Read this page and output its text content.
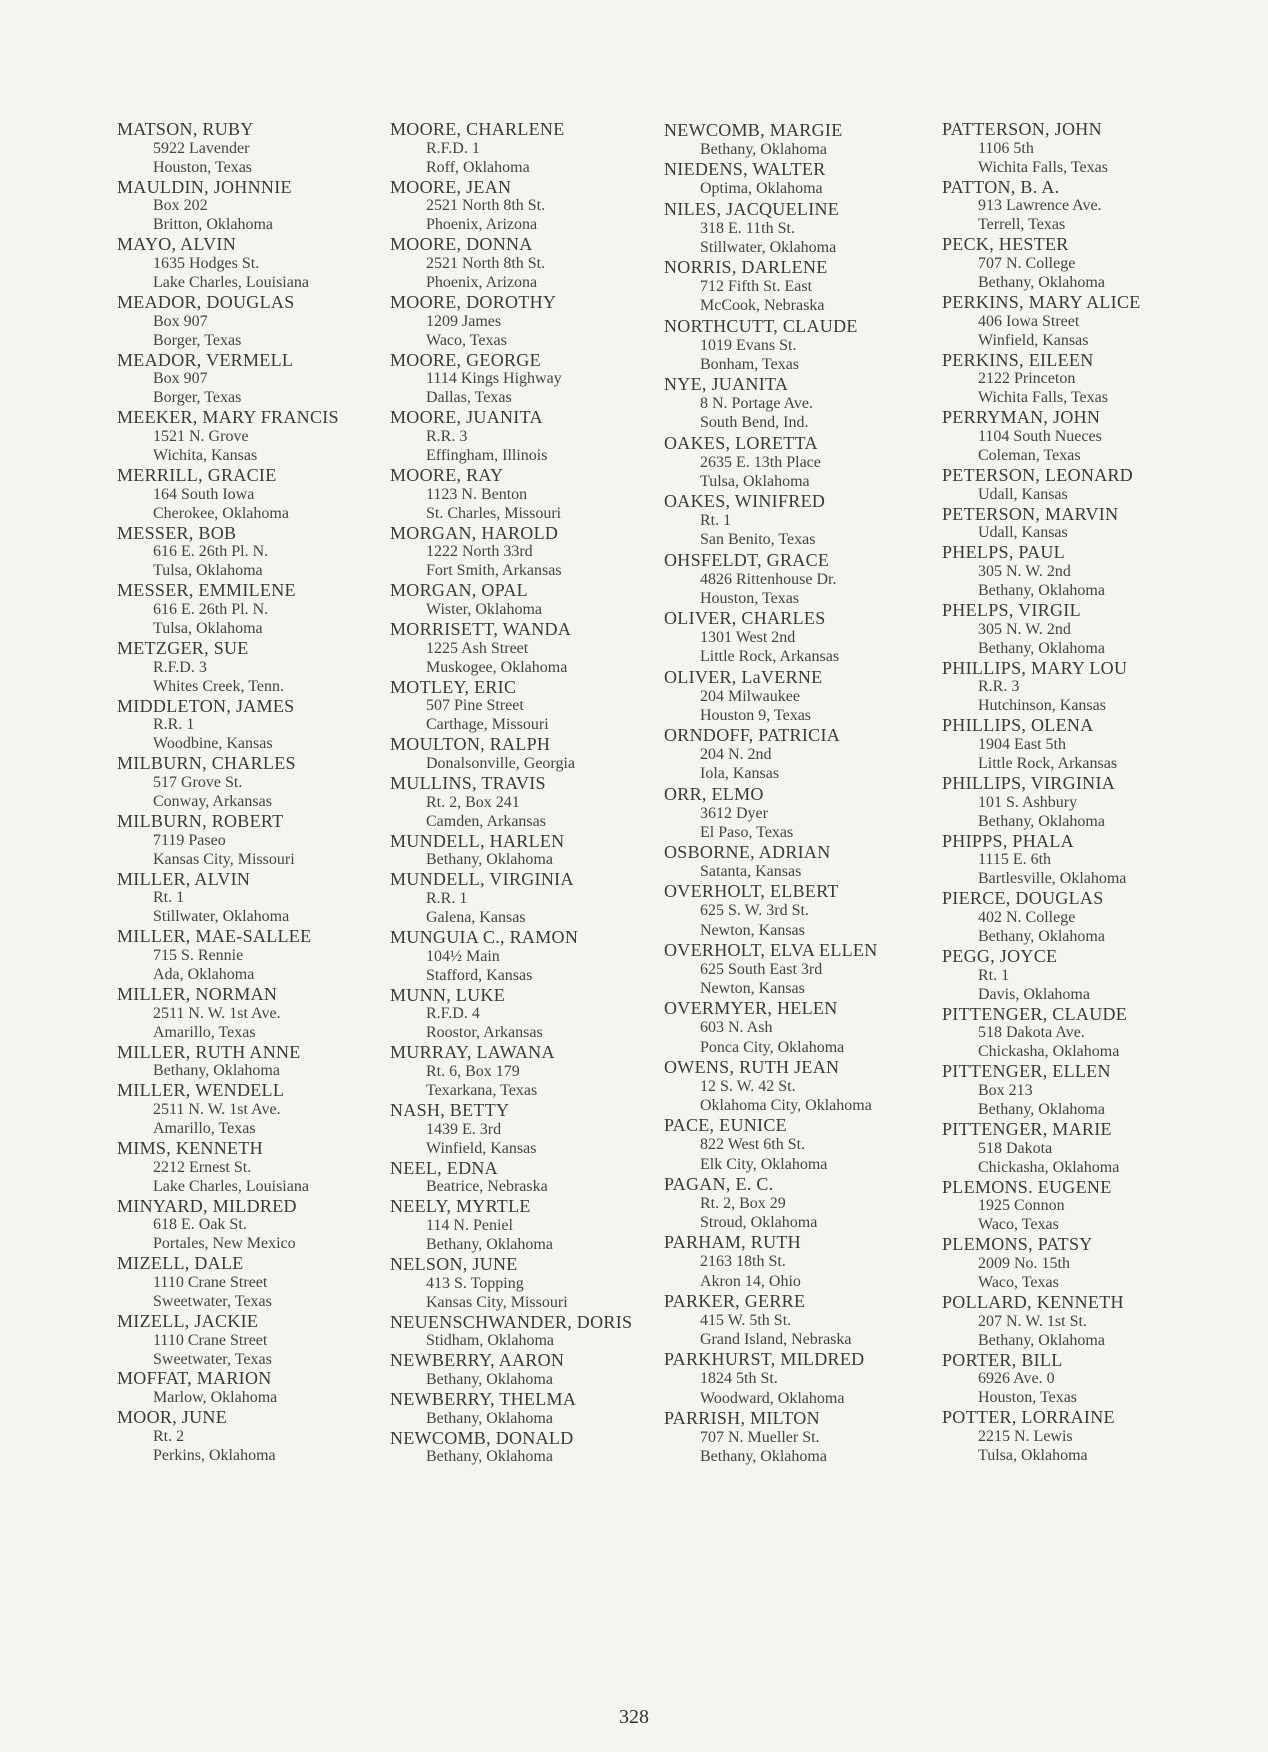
MATSON, RUBY
5922 Lavender
Houston, Texas
MAULDIN, JOHNNIE
Box 202
Britton, Oklahoma
MAYO, ALVIN
1635 Hodges St.
Lake Charles, Louisiana
MEADOR, DOUGLAS
Box 907
Borger, Texas
MEADOR, VERMELL
Box 907
Borger, Texas
MEEKER, MARY FRANCIS
1521 N. Grove
Wichita, Kansas
MERRILL, GRACIE
164 South Iowa
Cherokee, Oklahoma
MESSER, BOB
616 E. 26th Pl. N.
Tulsa, Oklahoma
MESSER, EMMILENE
616 E. 26th Pl. N.
Tulsa, Oklahoma
METZGER, SUE
R.F.D. 3
Whites Creek, Tenn.
MIDDLETON, JAMES
R.R. 1
Woodbine, Kansas
MILBURN, CHARLES
517 Grove St.
Conway, Arkansas
MILBURN, ROBERT
7119 Paseo
Kansas City, Missouri
MILLER, ALVIN
Rt. 1
Stillwater, Oklahoma
MILLER, MAE-SALLEE
715 S. Rennie
Ada, Oklahoma
MILLER, NORMAN
2511 N. W. 1st Ave.
Amarillo, Texas
MILLER, RUTH ANNE
Bethany, Oklahoma
MILLER, WENDELL
2511 N. W. 1st Ave.
Amarillo, Texas
MIMS, KENNETH
2212 Ernest St.
Lake Charles, Louisiana
MINYARD, MILDRED
618 E. Oak St.
Portales, New Mexico
MIZELL, DALE
1110 Crane Street
Sweetwater, Texas
MIZELL, JACKIE
1110 Crane Street
Sweetwater, Texas
MOFFAT, MARION
Marlow, Oklahoma
MOOR, JUNE
Rt. 2
Perkins, Oklahoma
MOORE, CHARLENE
R.F.D. 1
Roff, Oklahoma
MOORE, JEAN
2521 North 8th St.
Phoenix, Arizona
MOORE, DONNA
2521 North 8th St.
Phoenix, Arizona
MOORE, DOROTHY
1209 James
Waco, Texas
MOORE, GEORGE
1114 Kings Highway
Dallas, Texas
MOORE, JUANITA
R.R. 3
Effingham, Illinois
MOORE, RAY
1123 N. Benton
St. Charles, Missouri
MORGAN, HAROLD
1222 North 33rd
Fort Smith, Arkansas
MORGAN, OPAL
Wister, Oklahoma
MORRISETT, WANDA
1225 Ash Street
Muskogee, Oklahoma
MOTLEY, ERIC
507 Pine Street
Carthage, Missouri
MOULTON, RALPH
Donalsonville, Georgia
MULLINS, TRAVIS
Rt. 2, Box 241
Camden, Arkansas
MUNDELL, HARLEN
Bethany, Oklahoma
MUNDELL, VIRGINIA
R.R. 1
Galena, Kansas
MUNGUIA C., RAMON
104½ Main
Stafford, Kansas
MUNN, LUKE
R.F.D. 4
Roostor, Arkansas
MURRAY, LAWANA
Rt. 6, Box 179
Texarkana, Texas
NASH, BETTY
1439 E. 3rd
Winfield, Kansas
NEEL, EDNA
Beatrice, Nebraska
NEELY, MYRTLE
114 N. Peniel
Bethany, Oklahoma
NELSON, JUNE
413 S. Topping
Kansas City, Missouri
NEUENSCHWANDER, DORIS
Stidham, Oklahoma
NEWBERRY, AARON
Bethany, Oklahoma
NEWBERRY, THELMA
Bethany, Oklahoma
NEWCOMB, DONALD
Bethany, Oklahoma
NEWCOMB, MARGIE
Bethany, Oklahoma
NIEDENS, WALTER
Optima, Oklahoma
NILES, JACQUELINE
318 E. 11th St.
Stillwater, Oklahoma
NORRIS, DARLENE
712 Fifth St. East
McCook, Nebraska
NORTHCUTT, CLAUDE
1019 Evans St.
Bonham, Texas
NYE, JUANITA
8 N. Portage Ave.
South Bend, Ind.
OAKES, LORETTA
2635 E. 13th Place
Tulsa, Oklahoma
OAKES, WINIFRED
Rt. 1
San Benito, Texas
OHSFELDT, GRACE
4826 Rittenhouse Dr.
Houston, Texas
OLIVER, CHARLES
1301 West 2nd
Little Rock, Arkansas
OLIVER, LaVERNE
204 Milwaukee
Houston 9, Texas
ORNDOFF, PATRICIA
204 N. 2nd
Iola, Kansas
ORR, ELMO
3612 Dyer
El Paso, Texas
OSBORNE, ADRIAN
Satanta, Kansas
OVERHOLT, ELBERT
625 S. W. 3rd St.
Newton, Kansas
OVERHOLT, ELVA ELLEN
625 South East 3rd
Newton, Kansas
OVERMYER, HELEN
603 N. Ash
Ponca City, Oklahoma
OWENS, RUTH JEAN
12 S. W. 42 St.
Oklahoma City, Oklahoma
PACE, EUNICE
822 West 6th St.
Elk City, Oklahoma
PAGAN, E. C.
Rt. 2, Box 29
Stroud, Oklahoma
PARHAM, RUTH
2163 18th St.
Akron 14, Ohio
PARKER, GERRE
415 W. 5th St.
Grand Island, Nebraska
PARKHURST, MILDRED
1824 5th St.
Woodward, Oklahoma
PARRISH, MILTON
707 N. Mueller St.
Bethany, Oklahoma
PATTERSON, JOHN
1106 5th
Wichita Falls, Texas
PATTON, B. A.
913 Lawrence Ave.
Terrell, Texas
PECK, HESTER
707 N. College
Bethany, Oklahoma
PERKINS, MARY ALICE
406 Iowa Street
Winfield, Kansas
PERKINS, EILEEN
2122 Princeton
Wichita Falls, Texas
PERRYMAN, JOHN
1104 South Nueces
Coleman, Texas
PETERSON, LEONARD
Udall, Kansas
PETERSON, MARVIN
Udall, Kansas
PHELPS, PAUL
305 N. W. 2nd
Bethany, Oklahoma
PHELPS, VIRGIL
305 N. W. 2nd
Bethany, Oklahoma
PHILLIPS, MARY LOU
R.R. 3
Hutchinson, Kansas
PHILLIPS, OLENA
1904 East 5th
Little Rock, Arkansas
PHILLIPS, VIRGINIA
101 S. Ashbury
Bethany, Oklahoma
PHIPPS, PHALA
1115 E. 6th
Bartlesville, Oklahoma
PIERCE, DOUGLAS
402 N. College
Bethany, Oklahoma
PEGG, JOYCE
Rt. 1
Davis, Oklahoma
PITTENGER, CLAUDE
518 Dakota Ave.
Chickasha, Oklahoma
PITTENGER, ELLEN
Box 213
Bethany, Oklahoma
PITTENGER, MARIE
518 Dakota
Chickasha, Oklahoma
PLEMONS. EUGENE
1925 Connon
Waco, Texas
PLEMONS, PATSY
2009 No. 15th
Waco, Texas
POLLARD, KENNETH
207 N. W. 1st St.
Bethany, Oklahoma
PORTER, BILL
6926 Ave. 0
Houston, Texas
POTTER, LORRAINE
2215 N. Lewis
Tulsa, Oklahoma
328
